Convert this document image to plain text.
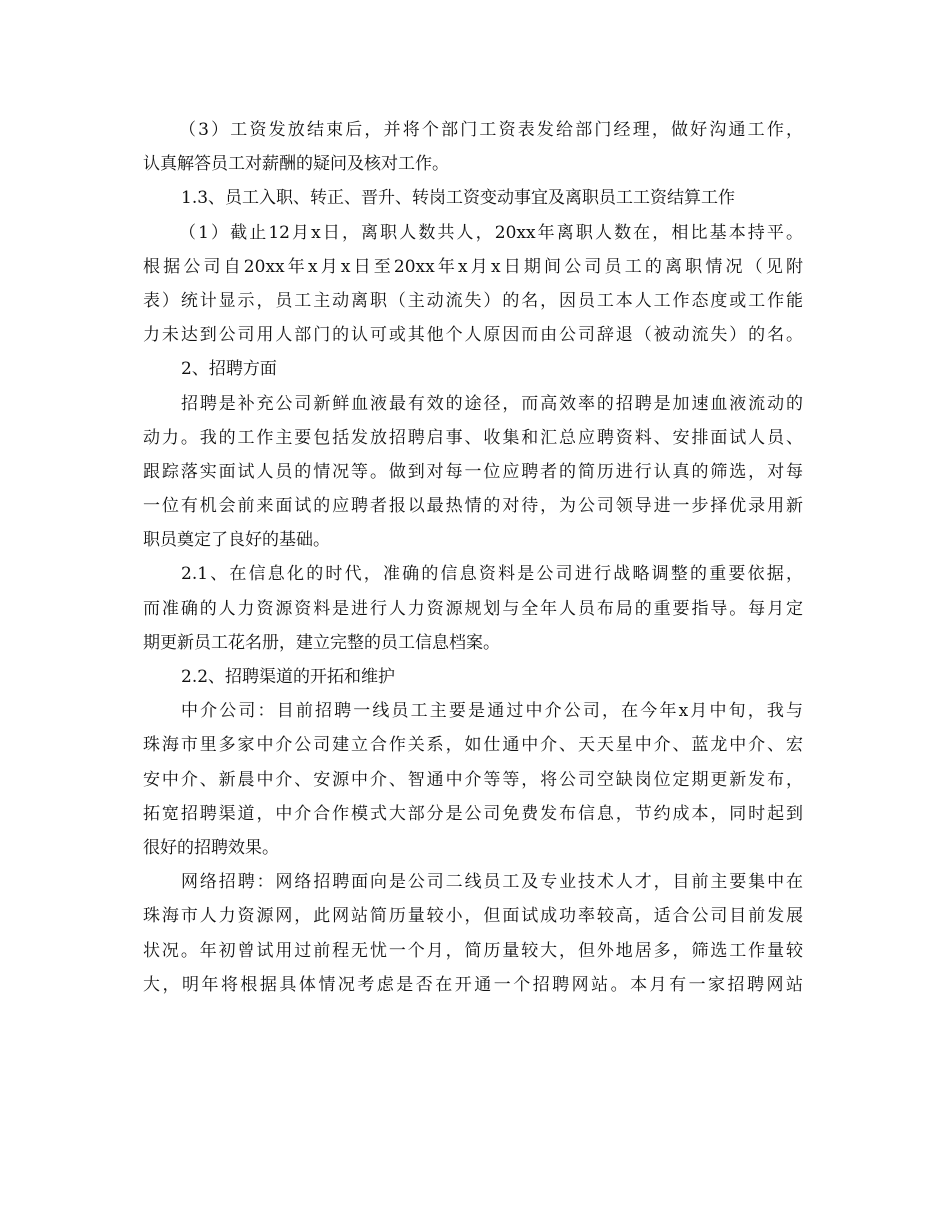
（3）工资发放结束后，并将个部门工资表发给部门经理，做好沟通工作，
认真解答员工对薪酬的疑问及核对工作。
1.3、员工入职、转正、晋升、转岗工资变动事宜及离职员工工资结算工作
（1）截止12月x日，离职人数共人，20xx年离职人数在，相比基本持平。
根据公司自20xx年x月x日至20xx年x月x日期间公司员工的离职情况（见附
表）统计显示，员工主动离职（主动流失）的名，因员工本人工作态度或工作能
力未达到公司用人部门的认可或其他个人原因而由公司辞退（被动流失）的名。
2、招聘方面
招聘是补充公司新鲜血液最有效的途径，而高效率的招聘是加速血液流动的
动力。我的工作主要包括发放招聘启事、收集和汇总应聘资料、安排面试人员、
跟踪落实面试人员的情况等。做到对每一位应聘者的简历进行认真的筛选，对每
一位有机会前来面试的应聘者报以最热情的对待，为公司领导进一步择优录用新
职员奠定了良好的基础。
2.1、在信息化的时代，准确的信息资料是公司进行战略调整的重要依据，
而准确的人力资源资料是进行人力资源规划与全年人员布局的重要指导。每月定
期更新员工花名册，建立完整的员工信息档案。
2.2、招聘渠道的开拓和维护
中介公司：目前招聘一线员工主要是通过中介公司，在今年x月中旬，我与
珠海市里多家中介公司建立合作关系，如仕通中介、天天星中介、蓝龙中介、宏
安中介、新晨中介、安源中介、智通中介等等，将公司空缺岗位定期更新发布，
拓宽招聘渠道，中介合作模式大部分是公司免费发布信息，节约成本，同时起到
很好的招聘效果。
网络招聘：网络招聘面向是公司二线员工及专业技术人才，目前主要集中在
珠海市人力资源网，此网站简历量较小，但面试成功率较高，适合公司目前发展
状况。年初曾试用过前程无忧一个月，简历量较大，但外地居多，筛选工作量较
大，明年将根据具体情况考虑是否在开通一个招聘网站。本月有一家招聘网站
